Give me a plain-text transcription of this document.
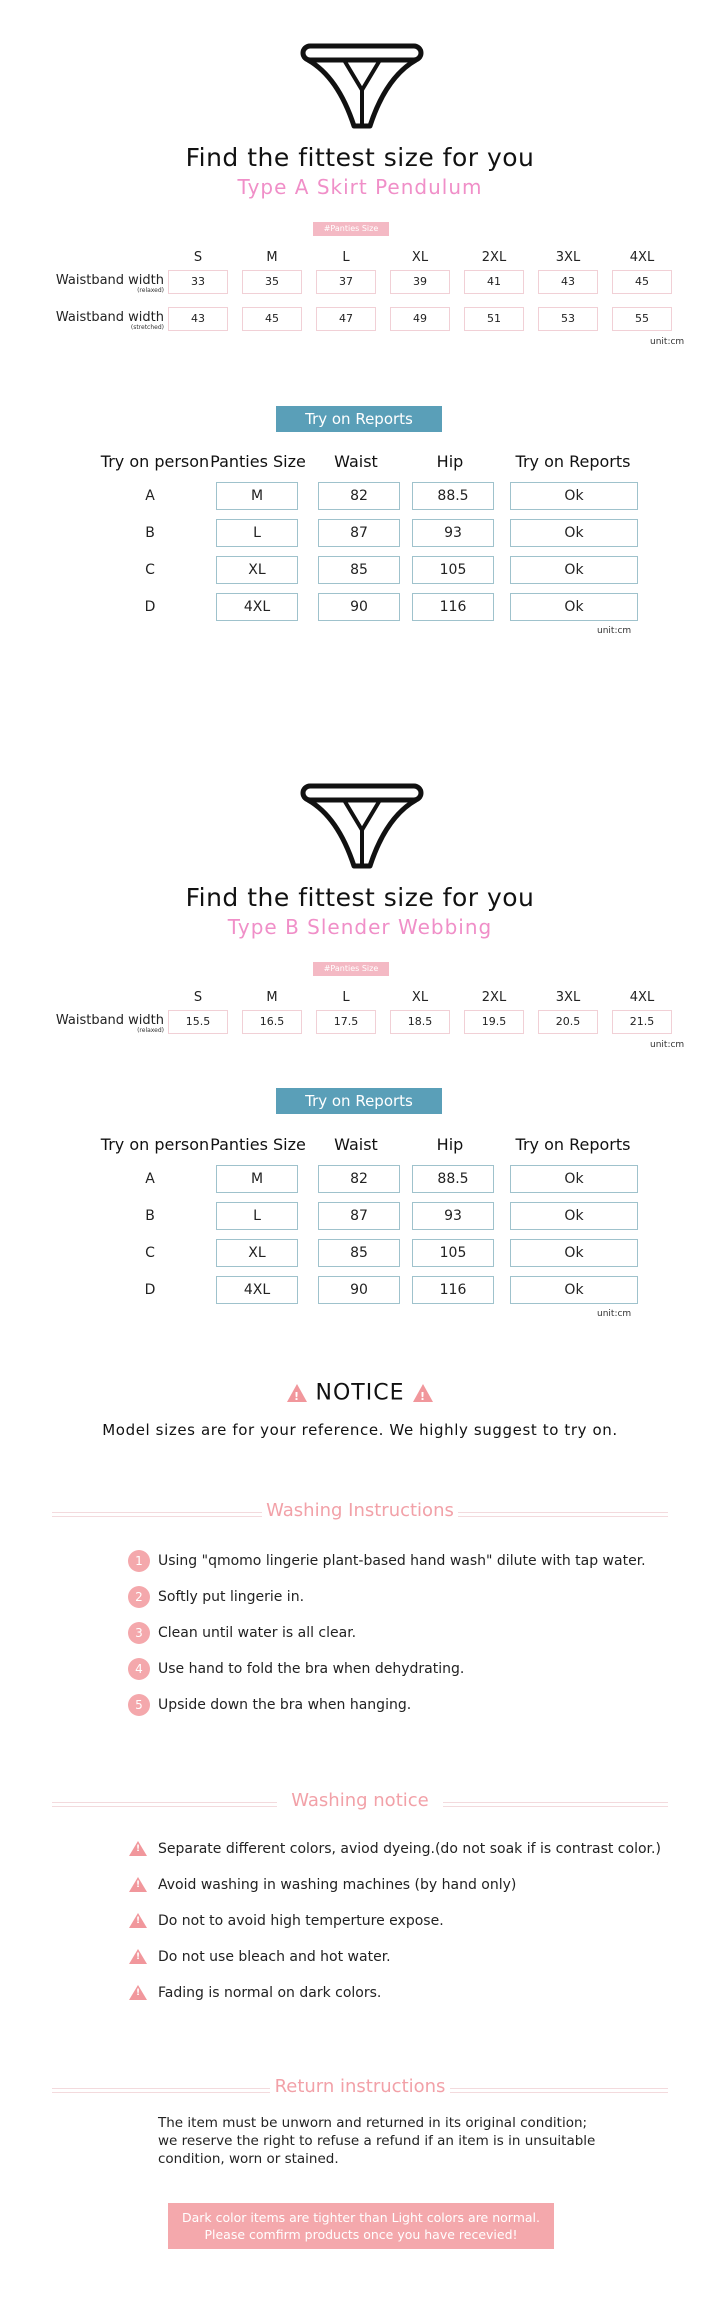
Find the fittest size for you
Type A Skirt Pendulum
#Panties Size
S	M	L	XL	2XL	3XL	4XL
Waistband width
(relaxed)
33	35	37	39	41	43	45
Waistband width
(stretched)
43	45	47	49	51	53	55
unit:cm
Try on Reports
Try on person Panties Size	Waist	Hip	Try on Reports
A	M	82	88.5	Ok
B	L	87	93	Ok
C	XL	85	105	Ok
D	4XL	90	116	Ok
unit:cm
Find the fittest size for you
Type B Slender Webbing
#Panties Size
S	M	L	XL	2XL	3XL	4XL
Waistband width
(relaxed)
15.5	16.5	17.5	18.5	19.5	20.5	21.5
unit:cm
Try on Reports
Try on person Panties Size	Waist	Hip	Try on Reports
A	M	82	88.5	Ok
B	L	87	93	Ok
C	XL	85	105	Ok
D	4XL	90	116	Ok
unit:cm
! NOTICE !
Model sizes are for your reference. We highly suggest to try on.
Washing Instructions
1	Using "qmomo lingerie plant-based hand wash" dilute with tap water.
2	Softly put lingerie in.
3	Clean until water is all clear.
4	Use hand to fold the bra when dehydrating.
5	Upside down the bra when hanging.
Washing notice
! Separate different colors, aviod dyeing.(do not soak if is contrast color.)
! Avoid washing in washing machines (by hand only)
! Do not to avoid high temperture expose.
! Do not use bleach and hot water.
! Fading is normal on dark colors.
Return instructions
The item must be unworn and returned in its original condition;
we reserve the right to refuse a refund if an item is in unsuitable
condition, worn or stained.
Dark color items are tighter than Light colors are normal.
Please comfirm products once you have recevied!
